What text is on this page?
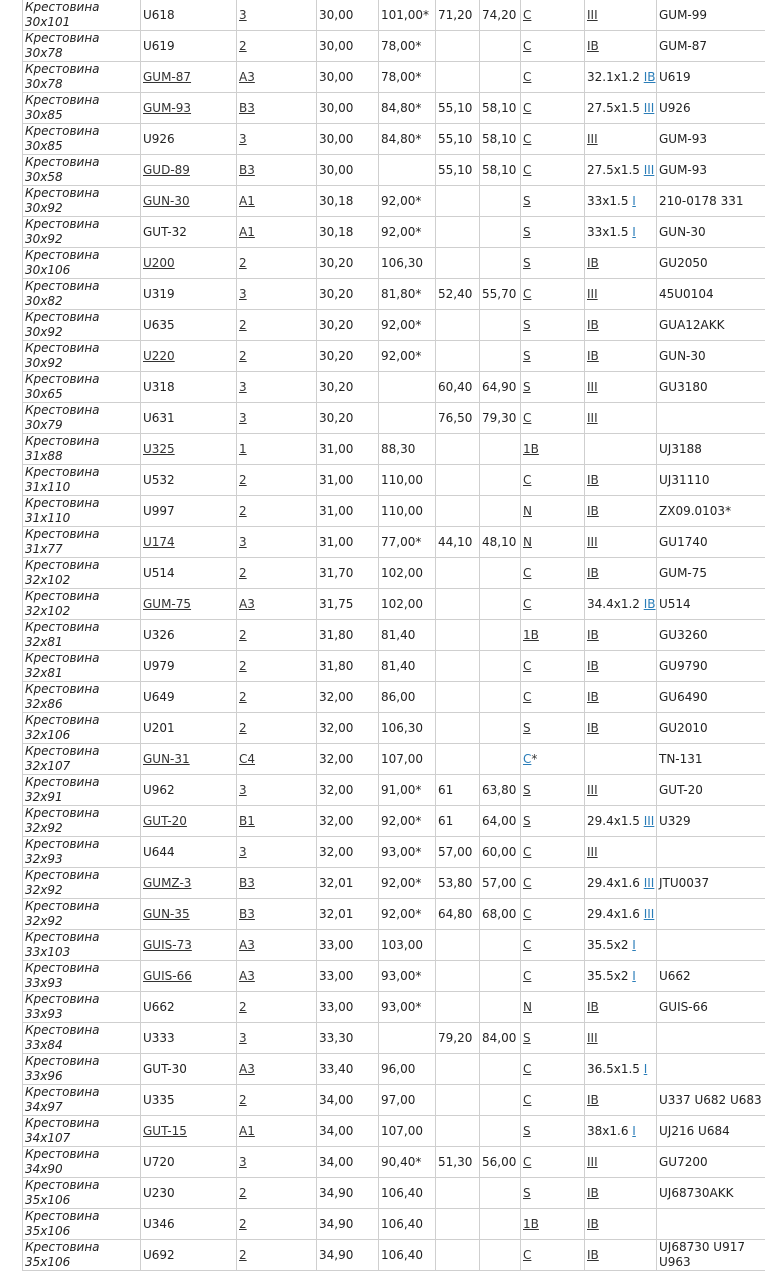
Крестовина 30x101	U618	3	30,00	101,00*	71,20	74,20	C	III	GUM-99
Крестовина 30x78	U619	2	30,00	78,00*			C	IB	GUM-87
Крестовина 30x78	GUM-87	A3	30,00	78,00*			C	32.1x1.2 IB	U619
Крестовина 30x85	GUM-93	B3	30,00	84,80*	55,10	58,10	C	27.5x1.5 III	U926
Крестовина 30x85	U926	3	30,00	84,80*	55,10	58,10	C	III	GUM-93
Крестовина 30x58	GUD-89	B3	30,00		55,10	58,10	C	27.5x1.5 III	GUM-93
Крестовина 30x92	GUN-30	A1	30,18	92,00*			S	33x1.5 I	210-0178 331
Крестовина 30x92	GUT-32	A1	30,18	92,00*			S	33x1.5 I	GUN-30
Крестовина 30x106	U200	2	30,20	106,30			S	IB	GU2050
Крестовина 30x82	U319	3	30,20	81,80*	52,40	55,70	C	III	45U0104
Крестовина 30x92	U635	2	30,20	92,00*			S	IB	GUA12AKK
Крестовина 30x92	U220	2	30,20	92,00*			S	IB	GUN-30
Крестовина 30x65	U318	3	30,20		60,40	64,90	S	III	GU3180
Крестовина 30x79	U631	3	30,20		76,50	79,30	C	III	
Крестовина 31x88	U325	1	31,00	88,30			1B		UJ3188
Крестовина 31x110	U532	2	31,00	110,00			C	IB	UJ31110
Крестовина 31x110	U997	2	31,00	110,00			N	IB	ZX09.0103*
Крестовина 31x77	U174	3	31,00	77,00*	44,10	48,10	N	III	GU1740
Крестовина 32x102	U514	2	31,70	102,00			C	IB	GUM-75
Крестовина 32x102	GUM-75	A3	31,75	102,00			C	34.4x1.2 IB	U514
Крестовина 32x81	U326	2	31,80	81,40			1B	IB	GU3260
Крестовина 32x81	U979	2	31,80	81,40			C	IB	GU9790
Крестовина 32x86	U649	2	32,00	86,00			C	IB	GU6490
Крестовина 32x106	U201	2	32,00	106,30			S	IB	GU2010
Крестовина 32x107	GUN-31	C4	32,00	107,00			C*		TN-131
Крестовина 32x91	U962	3	32,00	91,00*	61	63,80	S	III	GUT-20
Крестовина 32x92	GUT-20	B1	32,00	92,00*	61	64,00	S	29.4x1.5 III	U329
Крестовина 32x93	U644	3	32,00	93,00*	57,00	60,00	C	III	
Крестовина 32x92	GUMZ-3	B3	32,01	92,00*	53,80	57,00	C	29.4x1.6 III	JTU0037
Крестовина 32x92	GUN-35	B3	32,01	92,00*	64,80	68,00	C	29.4x1.6 III	
Крестовина 33x103	GUIS-73	A3	33,00	103,00			C	35.5x2 I	
Крестовина 33x93	GUIS-66	A3	33,00	93,00*			C	35.5x2 I	U662
Крестовина 33x93	U662	2	33,00	93,00*			N	IB	GUIS-66
Крестовина 33x84	U333	3	33,30		79,20	84,00	S	III	
Крестовина 33x96	GUT-30	A3	33,40	96,00			C	36.5x1.5 I	
Крестовина 34x97	U335	2	34,00	97,00			C	IB	U337 U682 U683
Крестовина 34x107	GUT-15	A1	34,00	107,00			S	38x1.6 I	UJ216 U684
Крестовина 34x90	U720	3	34,00	90,40*	51,30	56,00	C	III	GU7200
Крестовина 35x106	U230	2	34,90	106,40			S	IB	UJ68730AKK
Крестовина 35x106	U346	2	34,90	106,40			1B	IB	
Крестовина 35x106	U692	2	34,90	106,40			C	IB	UJ68730 U917 U963
